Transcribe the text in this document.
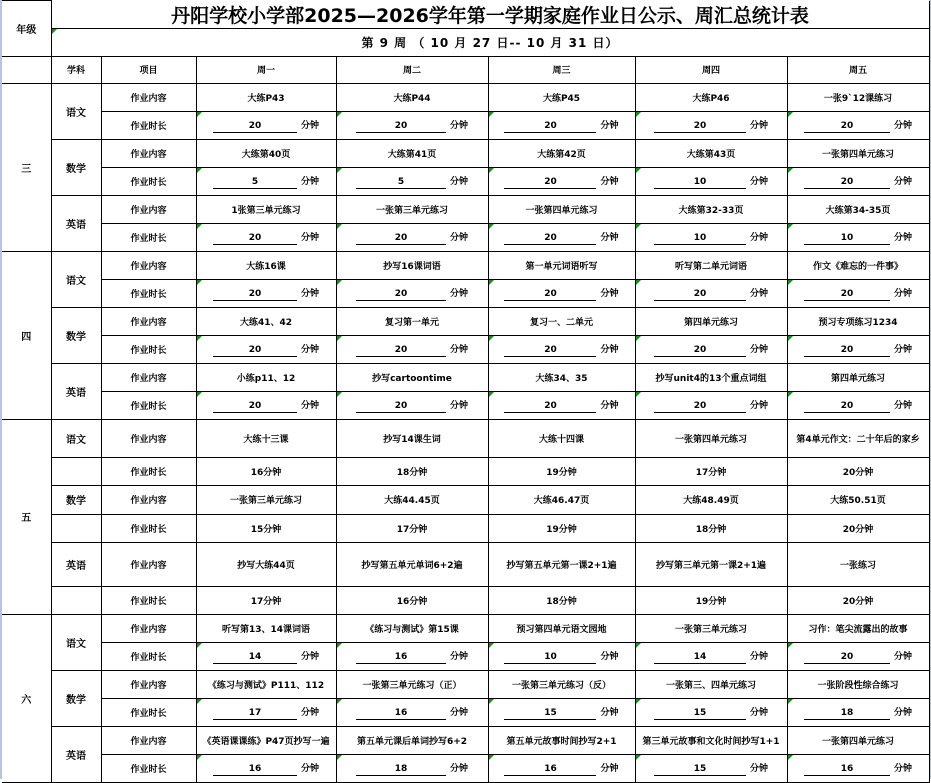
年级	丹阳学校小学部2025—2026学年第一学期家庭作业日公示、周汇总统计表						
	第 9 周 （ 10 月 27 日-- 10 月 31 日）						
	学科	项目	周一	周二	周三	周四	周五
三	语文	作业内容	大练P43	大练P44	大练P45	大练P46	一张9`12课练习
		作业时长	20 分钟	20 分钟	20 分钟	20 分钟	20 分钟
	数学	作业内容	大练第40页	大练第41页	大练第42页	大练第43页	一张第四单元练习
		作业时长	5 分钟	5 分钟	20 分钟	10 分钟	20 分钟
	英语	作业内容	1张第三单元练习	一张第三单元练习	一张第四单元练习	大练第32-33页	大练第34-35页
		作业时长	20 分钟	20 分钟	20 分钟	10 分钟	10 分钟
四	语文	作业内容	大练16课	抄写16课词语	第一单元词语听写	听写第二单元词语	作文《难忘的一件事》
		作业时长	20 分钟	20 分钟	20 分钟	20 分钟	20 分钟
	数学	作业内容	大练41、42	复习第一单元	复习一、二单元	第四单元练习	预习专项练习1234
		作业时长	20 分钟	20 分钟	20 分钟	20 分钟	20 分钟
	英语	作业内容	小练p11、12	抄写cartoontime	大练34、35	抄写unit4的13个重点词组	第四单元练习
		作业时长	20 分钟	20 分钟	20 分钟	20 分钟	20 分钟
五	语文	作业内容	大练十三课	抄写14课生词	大练十四课	一张第四单元练习	第4单元作文：二十年后的家乡
		作业时长	16分钟	18分钟	19分钟	17分钟	20分钟
	数学	作业内容	一张第三单元练习	大练44.45页	大练46.47页	大练48.49页	大练50.51页
		作业时长	15分钟	17分钟	19分钟	18分钟	20分钟
	英语	作业内容	抄写大练44页	抄写第五单元单词6+2遍	抄写第五单元第一课2+1遍	抄写第三单元第一课2+1遍	一张练习
		作业时长	17分钟	16分钟	18分钟	19分钟	20分钟
六	语文	作业内容	听写第13、14课词语	《练习与测试》第15课	预习第四单元语文园地	一张第三单元练习	习作：笔尖流露出的故事
		作业时长	14 分钟	16 分钟	10 分钟	14 分钟	20 分钟
	数学	作业内容	《练习与测试》P111、112	一张第三单元练习（正）	一张第三单元练习（反）	一张第三、四单元练习	一张阶段性综合练习
		作业时长	17 分钟	16 分钟	15 分钟	15 分钟	18 分钟
	英语	作业内容	《英语课课练》P47页抄写一遍	第五单元课后单词抄写6+2	第五单元故事时间抄写2+1	第三单元故事和文化时间抄写1+1	一张第四单元练习
		作业时长	16 分钟	18 分钟	16 分钟	15 分钟	16 分钟
